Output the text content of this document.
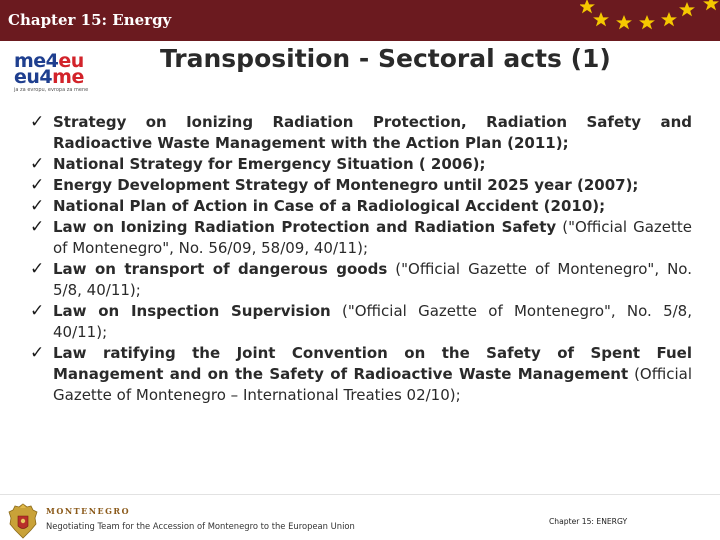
Chapter 15: Energy
me4eu
eu4me
ja za evropu, evropa za mene
Transposition - Sectoral acts (1)
✓ Strategy on Ionizing Radiation Protection, Radiation Safety and Radioactive Waste Management with the Action Plan (2011);
✓ National Strategy for Emergency Situation ( 2006);
✓ Energy Development Strategy of Montenegro until 2025 year (2007);
✓ National Plan of Action in Case of a Radiological Accident (2010);
✓ Law on Ionizing Radiation Protection and Radiation Safety ("Official Gazette of Montenegro", No. 56/09, 58/09, 40/11);
✓ Law on transport of dangerous goods ("Official Gazette of Montenegro", No. 5/8, 40/11);
✓ Law on Inspection Supervision ("Official Gazette of Montenegro", No. 5/8, 40/11);
✓ Law ratifying the Joint Convention on the Safety of Spent Fuel Management and on the Safety of Radioactive Waste Management (Official Gazette of Montenegro – International Treaties 02/10);
MONTENEGRO
Negotiating Team for the Accession of Montenegro to the European Union	Chapter 15: ENERGY
